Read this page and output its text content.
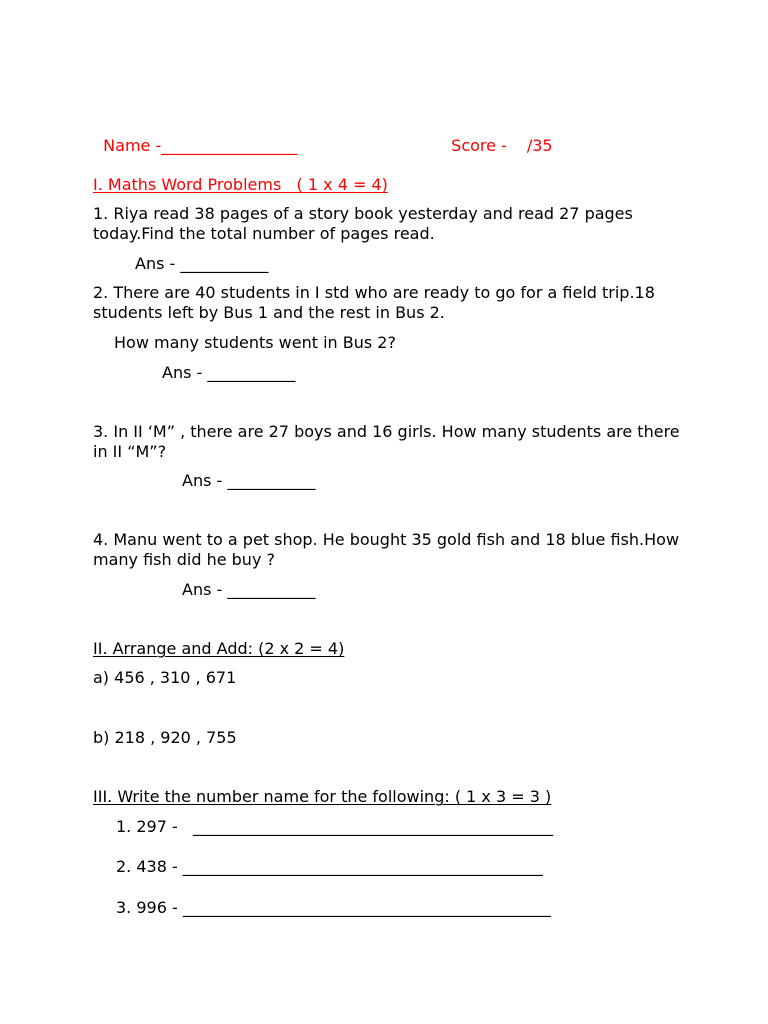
Name -_________________	Score - /35

I. Maths Word Problems   ( 1 x 4 = 4)
1. Riya read 38 pages of a story book yesterday and read 27 pages today.Find the total number of pages read.
Ans - ___________
2. There are 40 students in I std who are ready to go for a field trip.18 students left by Bus 1 and the rest in Bus 2.
How many students went in Bus 2?
Ans - ___________
3. In II ‘M” , there are 27 boys and 16 girls. How many students are there in II “M”?
Ans - ___________
4. Manu went to a pet shop. He bought 35 gold fish and 18 blue fish.How many fish did he buy ?
Ans - ___________
II. Arrange and Add: (2 x 2 = 4)
a) 456 , 310 , 671
b) 218 , 920 , 755
III. Write the number name for the following: ( 1 x 3 = 3 )
1. 297 -   _____________________________________________
2. 438 - _____________________________________________
3. 996 - ______________________________________________
